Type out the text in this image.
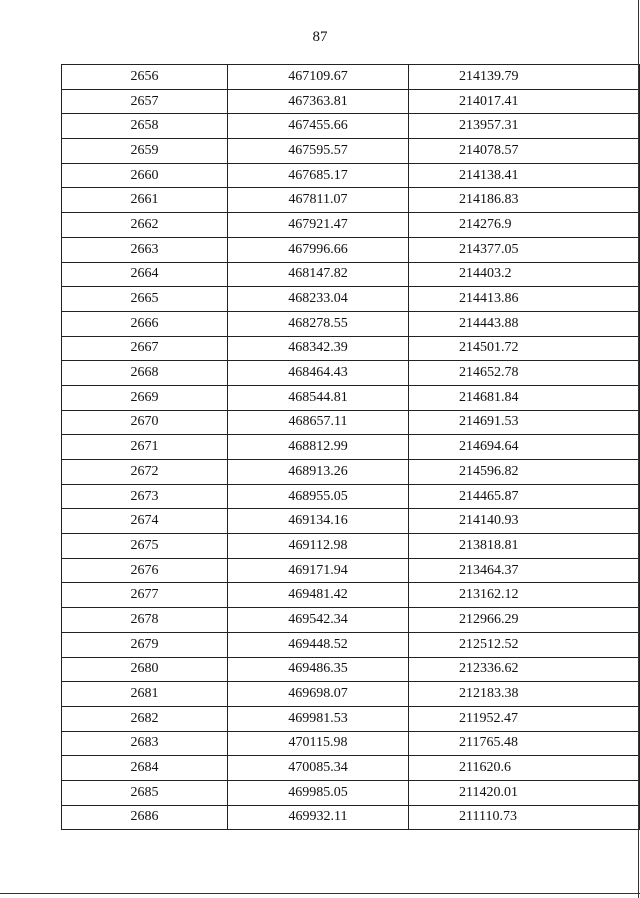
87
2656	467109.67	214139.79
2657	467363.81	214017.41
2658	467455.66	213957.31
2659	467595.57	214078.57
2660	467685.17	214138.41
2661	467811.07	214186.83
2662	467921.47	214276.9
2663	467996.66	214377.05
2664	468147.82	214403.2
2665	468233.04	214413.86
2666	468278.55	214443.88
2667	468342.39	214501.72
2668	468464.43	214652.78
2669	468544.81	214681.84
2670	468657.11	214691.53
2671	468812.99	214694.64
2672	468913.26	214596.82
2673	468955.05	214465.87
2674	469134.16	214140.93
2675	469112.98	213818.81
2676	469171.94	213464.37
2677	469481.42	213162.12
2678	469542.34	212966.29
2679	469448.52	212512.52
2680	469486.35	212336.62
2681	469698.07	212183.38
2682	469981.53	211952.47
2683	470115.98	211765.48
2684	470085.34	211620.6
2685	469985.05	211420.01
2686	469932.11	211110.73
